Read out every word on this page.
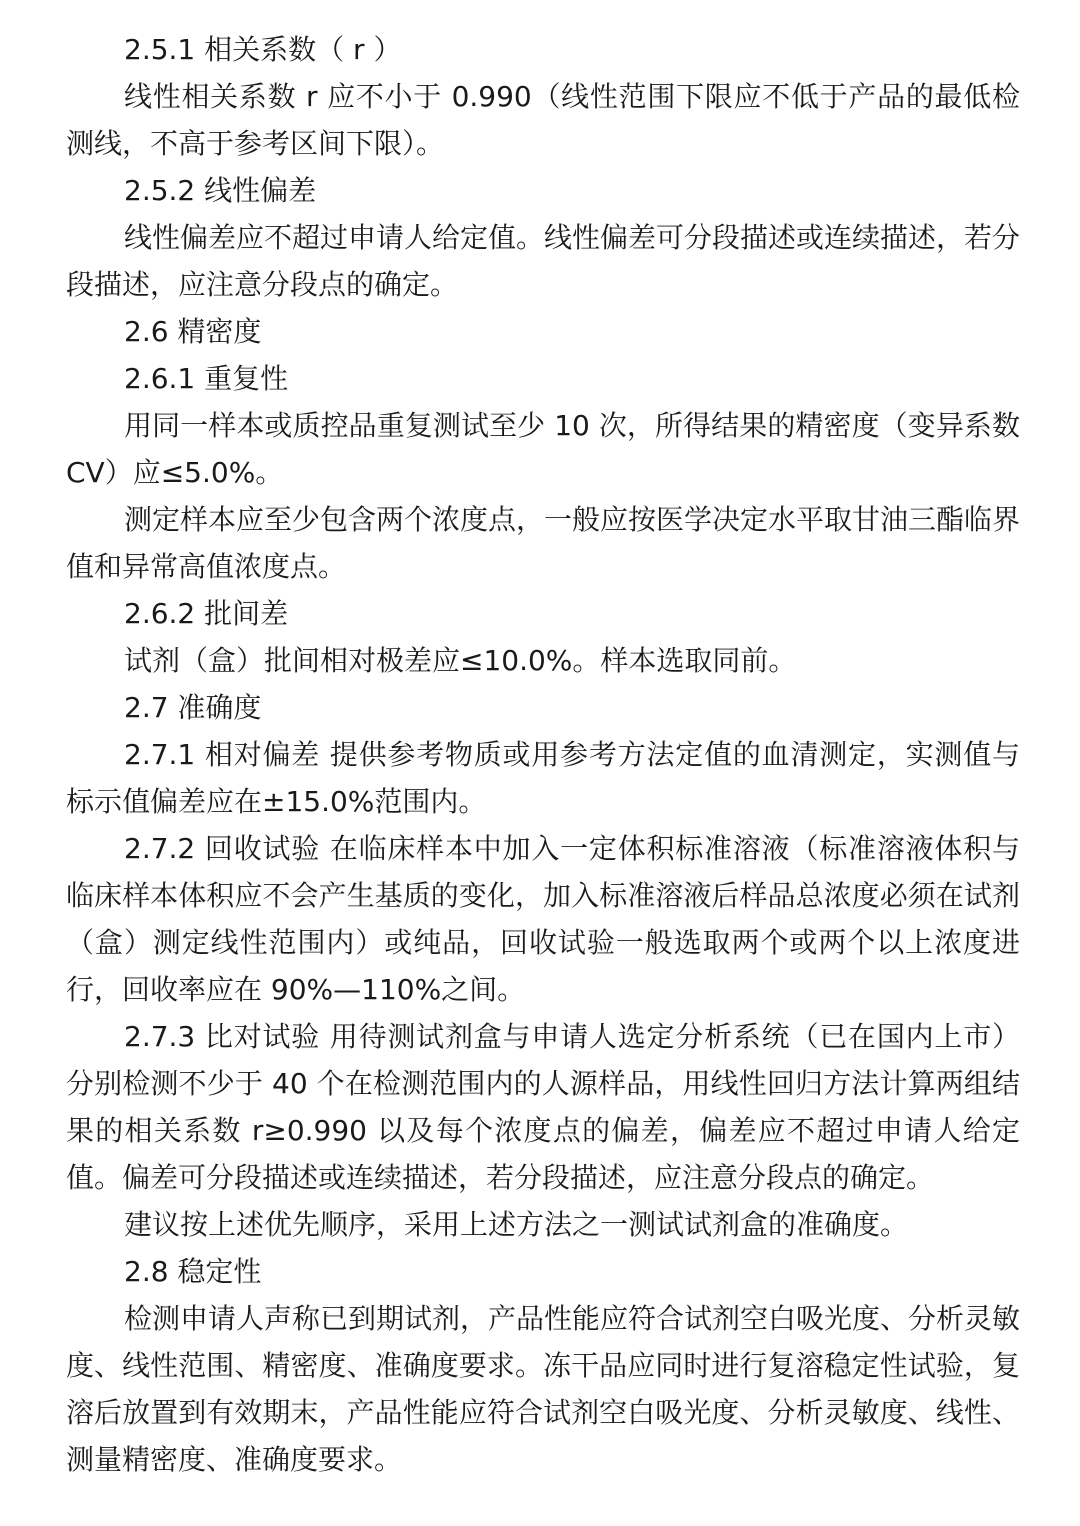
2.5.1 相关系数（ r ）

线性相关系数 r 应不小于 0.990（线性范围下限应不低于产品的最低检测线，不高于参考区间下限）。

2.5.2 线性偏差

线性偏差应不超过申请人给定值。线性偏差可分段描述或连续描述，若分段描述，应注意分段点的确定。

2.6 精密度

2.6.1 重复性

用同一样本或质控品重复测试至少 10 次，所得结果的精密度（变异系数 CV）应≤5.0%。

测定样本应至少包含两个浓度点，一般应按医学决定水平取甘油三酯临界值和异常高值浓度点。

2.6.2 批间差

试剂（盒）批间相对极差应≤10.0%。样本选取同前。

2.7 准确度

2.7.1 相对偏差 提供参考物质或用参考方法定值的血清测定，实测值与标示值偏差应在±15.0%范围内。

2.7.2 回收试验 在临床样本中加入一定体积标准溶液（标准溶液体积与临床样本体积应不会产生基质的变化，加入标准溶液后样品总浓度必须在试剂（盒）测定线性范围内）或纯品，回收试验一般选取两个或两个以上浓度进行，回收率应在 90%—110%之间。

2.7.3 比对试验 用待测试剂盒与申请人选定分析系统（已在国内上市）分别检测不少于 40 个在检测范围内的人源样品，用线性回归方法计算两组结果的相关系数 r≥0.990 以及每个浓度点的偏差，偏差应不超过申请人给定值。偏差可分段描述或连续描述，若分段描述，应注意分段点的确定。

建议按上述优先顺序，采用上述方法之一测试试剂盒的准确度。

2.8 稳定性

检测申请人声称已到期试剂，产品性能应符合试剂空白吸光度、分析灵敏度、线性范围、精密度、准确度要求。冻干品应同时进行复溶稳定性试验，复溶后放置到有效期末，产品性能应符合试剂空白吸光度、分析灵敏度、线性、测量精密度、准确度要求。
